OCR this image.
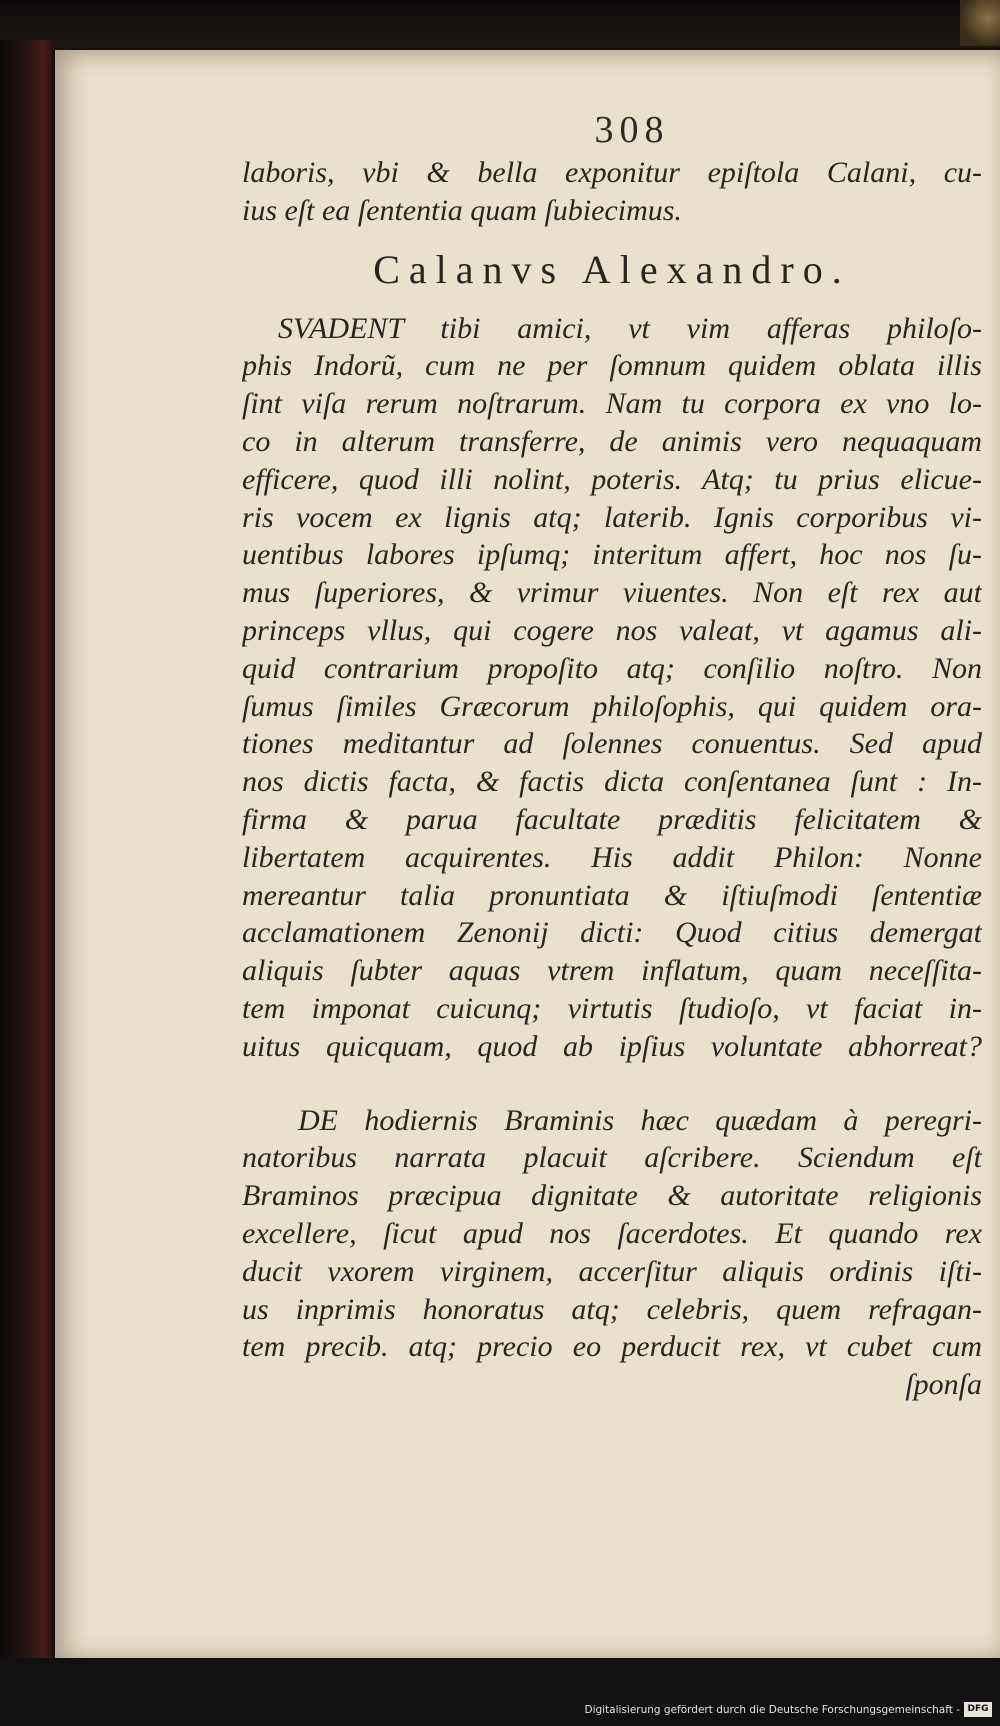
308
laboris, vbi & bella exponitur epiſtola Calani, cu-
ius eſt ea ſententia quam ſubiecimus.
Calanvs Alexandro.
SVADENT tibi amici, vt vim afferas philoſo-
phis Indorũ, cum ne per ſomnum quidem oblata illis
ſint viſa rerum noſtrarum. Nam tu corpora ex vno lo-
co in alterum transferre, de animis vero nequaquam
efficere, quod illi nolint, poteris. Atq; tu prius elicue-
ris vocem ex lignis atq; laterib. Ignis corporibus vi-
uentibus labores ipſumq; interitum affert, hoc nos ſu-
mus ſuperiores, & vrimur viuentes. Non eſt rex aut
princeps vllus, qui cogere nos valeat, vt agamus ali-
quid contrarium propoſito atq; conſilio noſtro. Non
ſumus ſimiles Græcorum philoſophis, qui quidem ora-
tiones meditantur ad ſolennes conuentus. Sed apud
nos dictis facta, & factis dicta conſentanea ſunt : In-
firma & parua facultate præditis felicitatem &
libertatem acquirentes. His addit Philon: Nonne
mereantur talia pronuntiata & iſtiuſmodi ſententiæ
acclamationem Zenonij dicti: Quod citius demergat
aliquis ſubter aquas vtrem inflatum, quam neceſſita-
tem imponat cuicunq; virtutis ſtudioſo, vt faciat in-
uitus quicquam, quod ab ipſius voluntate abhorreat?
DE hodiernis Braminis hæc quædam à peregri-
natoribus narrata placuit aſcribere. Sciendum eſt
Braminos præcipua dignitate & autoritate religionis
excellere, ſicut apud nos ſacerdotes. Et quando rex
ducit vxorem virginem, accerſitur aliquis ordinis iſti-
us inprimis honoratus atq; celebris, quem refragan-
tem precib. atq; precio eo perducit rex, vt cubet cum
ſponſa
Digitalisierung gefördert durch die Deutsche Forschungsgemeinschaft - DFG
